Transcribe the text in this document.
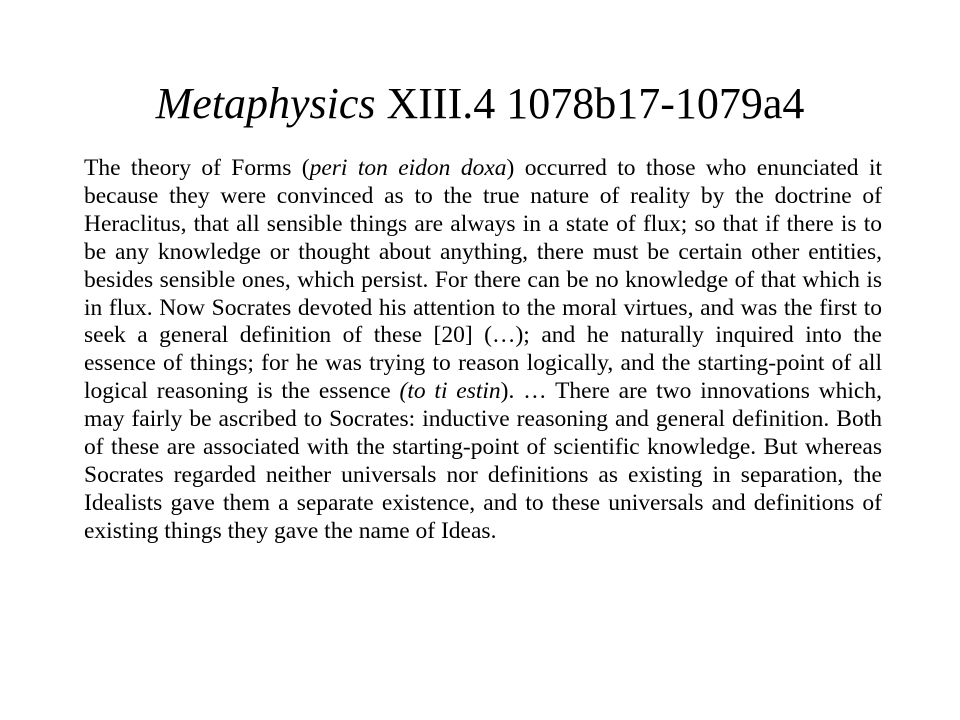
Metaphysics XIII.4 1078b17-1079a4

The theory of Forms (peri ton eidon doxa) occurred to those who enunciated it because they were convinced as to the true nature of reality by the doctrine of Heraclitus, that all sensible things are always in a state of flux; so that if there is to be any knowledge or thought about anything, there must be certain other entities, besides sensible ones, which persist. For there can be no knowledge of that which is in flux. Now Socrates devoted his attention to the moral virtues, and was the first to seek a general definition of these [20] (…); and he naturally inquired into the essence of things; for he was trying to reason logically, and the starting-point of all logical reasoning is the essence (to ti estin). … There are two innovations which, may fairly be ascribed to Socrates: inductive reasoning and general definition. Both of these are associated with the starting-point of scientific knowledge. But whereas Socrates regarded neither universals nor definitions as existing in separation, the Idealists gave them a separate existence, and to these universals and definitions of existing things they gave the name of Ideas.
